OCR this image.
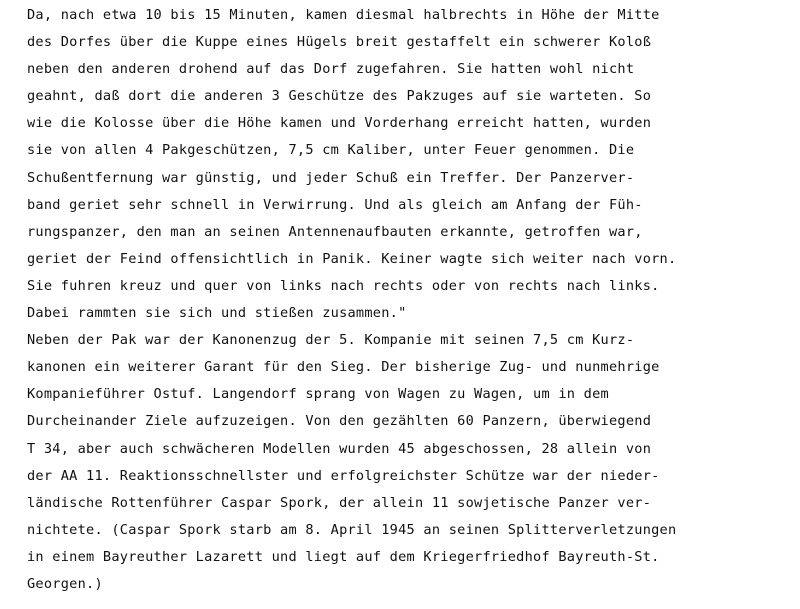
Da, nach etwa 10 bis 15 Minuten, kamen diesmal halbrechts in Höhe der Mitte
des Dorfes über die Kuppe eines Hügels breit gestaffelt ein schwerer Koloß
neben den anderen drohend auf das Dorf zugefahren. Sie hatten wohl nicht
geahnt, daß dort die anderen 3 Geschütze des Pakzuges auf sie warteten. So
wie die Kolosse über die Höhe kamen und Vorderhang erreicht hatten, wurden
sie von allen 4 Pakgeschützen, 7,5 cm Kaliber, unter Feuer genommen. Die
Schußentfernung war günstig, und jeder Schuß ein Treffer. Der Panzerver-
band geriet sehr schnell in Verwirrung. Und als gleich am Anfang der Füh-
rungspanzer, den man an seinen Antennenaufbauten erkannte, getroffen war,
geriet der Feind offensichtlich in Panik. Keiner wagte sich weiter nach vorn.
Sie fuhren kreuz und quer von links nach rechts oder von rechts nach links.
Dabei rammten sie sich und stießen zusammen."
Neben der Pak war der Kanonenzug der 5. Kompanie mit seinen 7,5 cm Kurz-
kanonen ein weiterer Garant für den Sieg. Der bisherige Zug- und nunmehrige
Kompanieführer Ostuf. Langendorf sprang von Wagen zu Wagen, um in dem
Durcheinander Ziele aufzuzeigen. Von den gezählten 60 Panzern, überwiegend
T 34, aber auch schwächeren Modellen wurden 45 abgeschossen, 28 allein von
der AA 11. Reaktionsschnellster und erfolgreichster Schütze war der nieder-
ländische Rottenführer Caspar Spork, der allein 11 sowjetische Panzer ver-
nichtete. (Caspar Spork starb am 8. April 1945 an seinen Splitterverletzungen
in einem Bayreuther Lazarett und liegt auf dem Kriegerfriedhof Bayreuth-St.
Georgen.)
